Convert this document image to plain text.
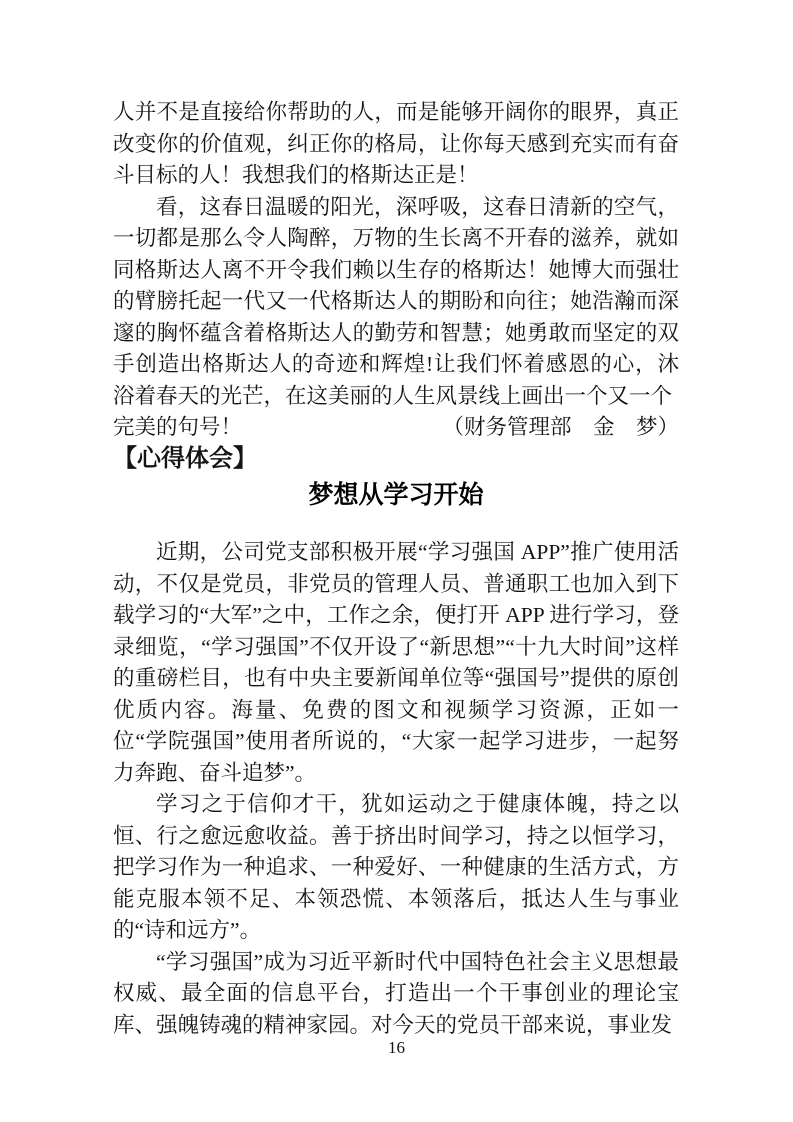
人并不是直接给你帮助的人，而是能够开阔你的眼界，真正改变你的价值观，纠正你的格局，让你每天感到充实而有奋斗目标的人！我想我们的格斯达正是！

看，这春日温暖的阳光，深呼吸，这春日清新的空气，一切都是那么令人陶醉，万物的生长离不开春的滋养，就如同格斯达人离不开令我们赖以生存的格斯达！她博大而强壮的臂膀托起一代又一代格斯达人的期盼和向往；她浩瀚而深邃的胸怀蕴含着格斯达人的勤劳和智慧；她勇敢而坚定的双手创造出格斯达人的奇迹和辉煌!让我们怀着感恩的心，沐浴着春天的光芒，在这美丽的人生风景线上画出一个又一个

完美的句号！	（财务管理部　金　梦）
【心得体会】
梦想从学习开始

近期，公司党支部积极开展“学习强国 APP”推广使用活动，不仅是党员，非党员的管理人员、普通职工也加入到下载学习的“大军”之中，工作之余，便打开 APP 进行学习，登录细览，“学习强国”不仅开设了“新思想”“十九大时间”这样的重磅栏目，也有中央主要新闻单位等“强国号”提供的原创优质内容。海量、免费的图文和视频学习资源，正如一位“学院强国”使用者所说的，“大家一起学习进步，一起努力奔跑、奋斗追梦”。

学习之于信仰才干，犹如运动之于健康体魄，持之以恒、行之愈远愈收益。善于挤出时间学习，持之以恒学习，把学习作为一种追求、一种爱好、一种健康的生活方式，方能克服本领不足、本领恐慌、本领落后，抵达人生与事业的“诗和远方”。

“学习强国”成为习近平新时代中国特色社会主义思想最权威、最全面的信息平台，打造出一个干事创业的理论宝库、强魄铸魂的精神家园。对今天的党员干部来说，事业发

16
